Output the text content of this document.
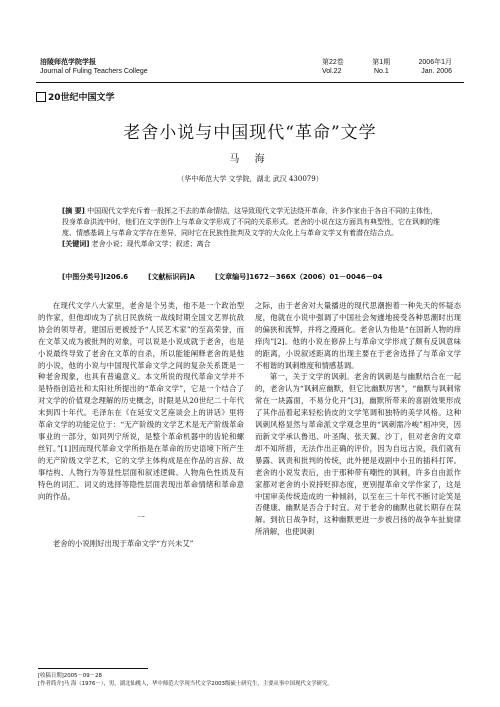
涪陵师范学院学报
Journal of Fuling Teachers College
第22卷	第1期	2006年1月
Vol.22	No.1	Jan. 2006
20世纪中国文学
老舍小说与中国现代“革命”文学
马 海
（华中师范大学 文学院，湖北 武汉 430079）

[摘 要] 中国现代文学充斥着一股挥之不去的革命情结，这导致现代文学无法绕开革命，许多作家由于各自不同的主体性，投身革命洪流中时，他们在文学创作上与革命文学形成了不同的关系形式。老舍的小说在这方面具有典型性，它在讽刺的维度、情感基调上与革命文学存在差异，同时它在民族性批判及文学的大众化上与革命文学又有着潜在结合点。

[关键词] 老舍小说；现代革命文学；叙述；离合

[中图分类号]I206.6	[文献标识码]A	[文章编号]1672－366X（2006）01－0046－04

在现代文学八大家里，老舍是个另类，他不是一个政治型的作家，但他却成为了抗日民族统一战线时期全国文艺界抗敌协会的领导者，建国后更被授予“人民艺术家”的至高荣誉，而在文革又成为被批判的对象，可以说是小说成就于老舍，也是小说最终导致了老舍在文革的自杀，所以能能阐释老舍的是他的小说，他的小说与中国现代革命文学之间的复杂关系既是一种老舍现象，也具有普遍意义。本文所说的现代革命文学并不是特指创造社和太阳社所提出的“革命文学”，它是一个结合了对文学的价值观念理解的历史概念，时限是从20世纪二十年代末到四十年代。毛泽东在《在延安文艺座谈会上的讲话》里将革命文学的功能定位于：“无产阶级的文学艺术是无产阶级革命事业的一部分，如同列宁所说，是整个革命机器中的齿轮和螺丝钉。”[1]因而现代革命文学所指是在革命的历史语境下所产生的无产阶级文学艺术，它的文学主体构成是在作品的言辞、故事结构、人物行为等显性层面和叙述逻辑、人物角色性质及有特色的词汇、词义的选择等隐性层面表现出革命情绪和革命意向的作品。

一

老舍的小说刚好出现于革命文学“方兴未艾”

之际，由于老舍对大量播进的现代思潮抱着一种先天的怀疑态度，他就在小说中强调了中国社会匆遽地接受各种思潮时出现的偏狭和流弊，并将之漫画化。老舍认为他是“在国新人物的痒痒肉”[2]。他的小说在修辞上与革命文学形成了颇有反讽意味的距离，小说叙述距离的出现主要在于老舍选择了与革命文学不相谐的讽刺维度和情感基调。

第一，关于文学的讽刺。老舍的讽刺是与幽默结合在一起的，老舍认为“讽刺应幽默，但它比幽默厉害”，“幽默与讽刺常常在一块露面，不易分化开”[3]，幽默所带来的喜剧效果形成了其作品着起来轻松俏皮的文学笔调和独特的美学风格。这种讽刺风格显然与革命派文学观念里的“讽刺需冷峻”相冲突，因而新文学承认鲁迅、叶圣陶、张天翼、沙丁，但对老舍的文章却不知所措，无法作出正确的评价，因为自远古说，我们就有暴露、讽责和批判的传统，此外便是戏剧中小丑的插科打诨。老舍的小说发表后，由于那种带有嘲性的讽刺，许多自由派作家都对老舍的小说持贬抑态度，更别提革命文学作家了，这是中国审美传统造成的一种倾斜，以至在三十年代不断讨论笑是否健康、幽默是否合于时宜。对于老舍的幽默也就长期存在误解。到抗日战争时，这种幽默更进一步被吕扬的战争车扯旋律所消解，也使讽刺

[收稿日期]2005－09－28
[作者简介]马 海（1976－），男，湖北仙桃人，华中师范大学现当代文学2003级硕士研究生，主要从事中国现代文学研究。
